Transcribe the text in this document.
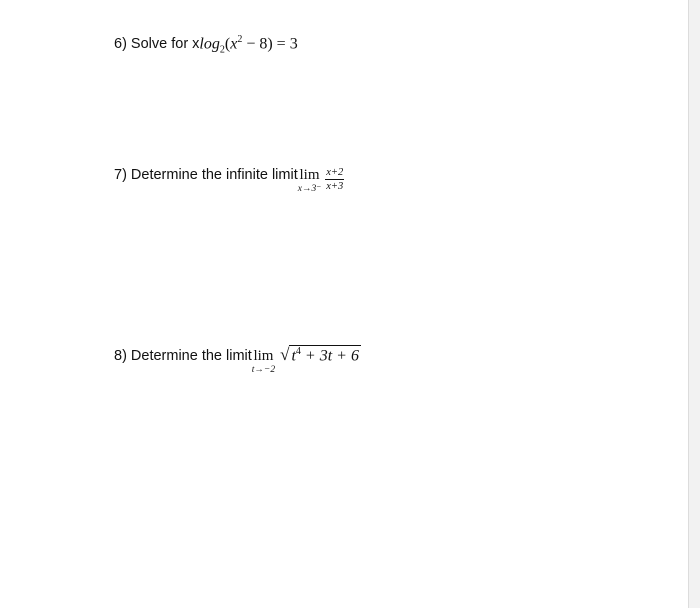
6) Solve for x $\log_2(x^2 - 8) = 3$
7) Determine the infinite limit lim
$x\to 3^- \frac{x+2}{x+3}$
8) Determine the limit lim
t→−2
√ $t^4 + 3t + 6$
